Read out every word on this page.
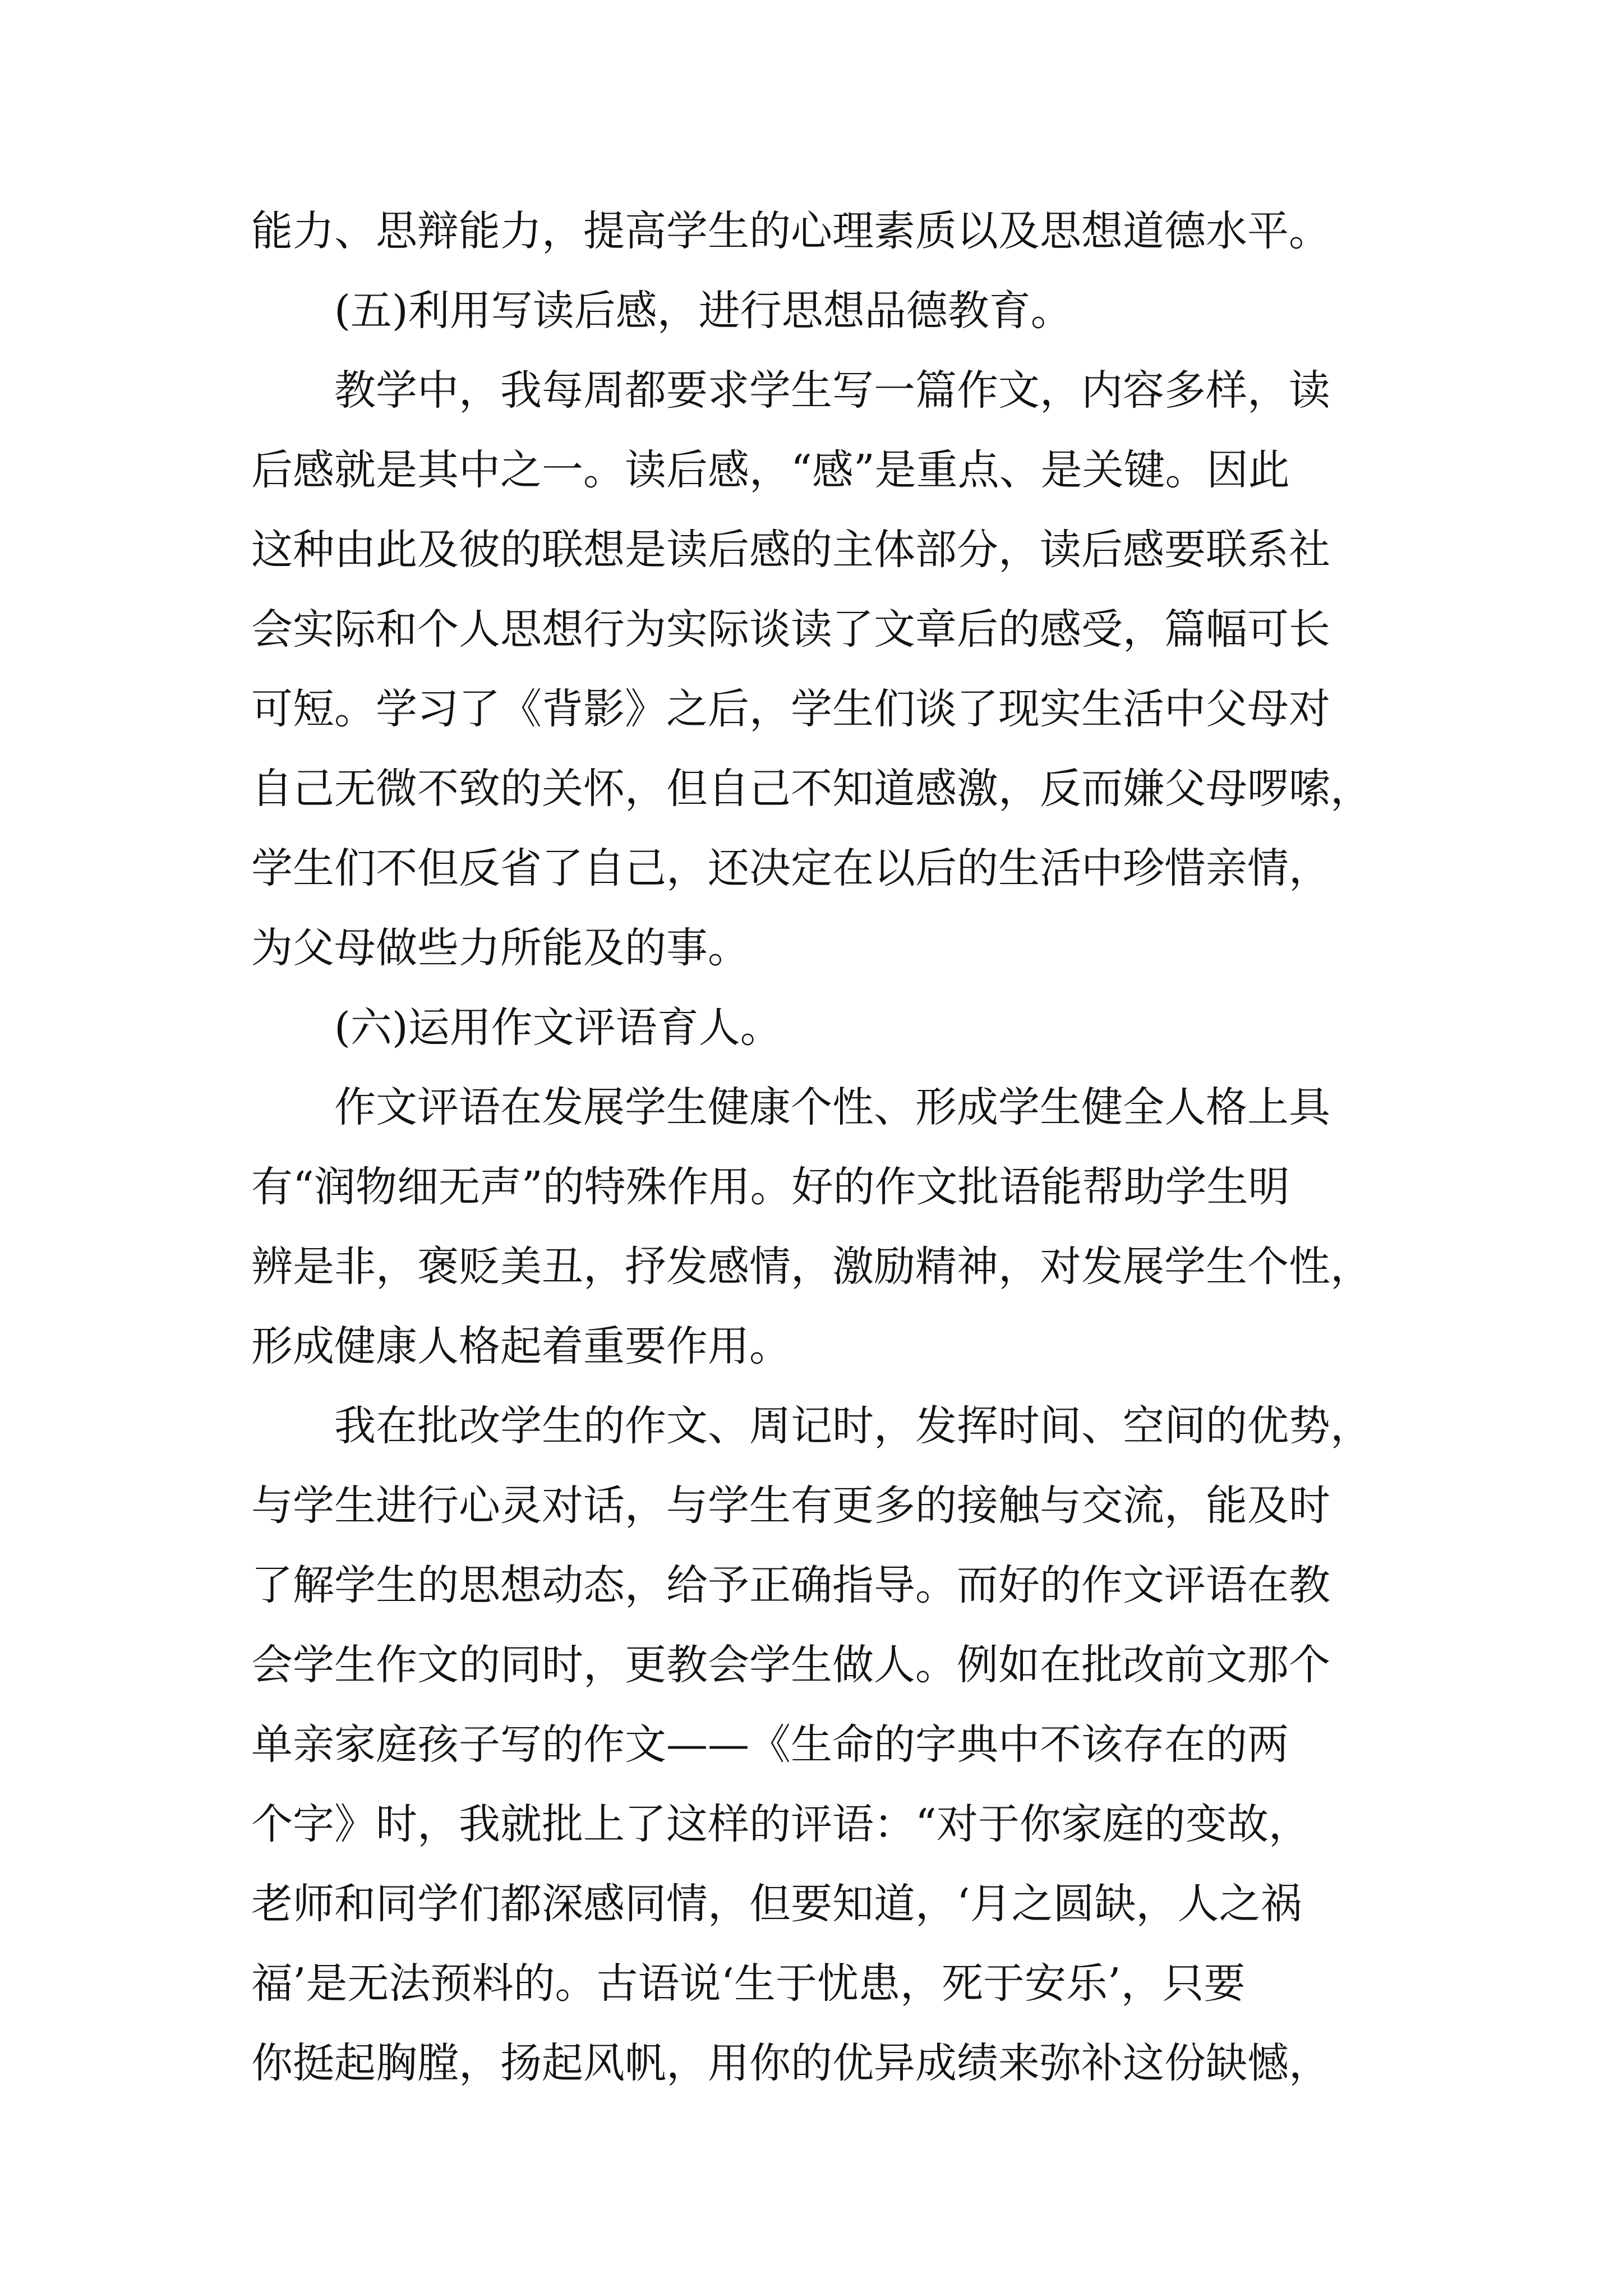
能力、思辩能力，提高学生的心理素质以及思想道德水平。
(五)利用写读后感，进行思想品德教育。
教学中，我每周都要求学生写一篇作文，内容多样，读
后感就是其中之一。读后感，“感”是重点、是关键。因此
这种由此及彼的联想是读后感的主体部分，读后感要联系社
会实际和个人思想行为实际谈读了文章后的感受，篇幅可长
可短。学习了《背影》之后，学生们谈了现实生活中父母对
自己无微不致的关怀，但自己不知道感激，反而嫌父母啰嗦，
学生们不但反省了自己，还决定在以后的生活中珍惜亲情，
为父母做些力所能及的事。
(六)运用作文评语育人。
作文评语在发展学生健康个性、形成学生健全人格上具
有“润物细无声”的特殊作用。好的作文批语能帮助学生明
辨是非，褒贬美丑，抒发感情，激励精神，对发展学生个性，
形成健康人格起着重要作用。
我在批改学生的作文、周记时，发挥时间、空间的优势，
与学生进行心灵对话，与学生有更多的接触与交流，能及时
了解学生的思想动态，给予正确指导。而好的作文评语在教
会学生作文的同时，更教会学生做人。例如在批改前文那个
单亲家庭孩子写的作文——《生命的字典中不该存在的两
个字》时，我就批上了这样的评语：“对于你家庭的变故，
老师和同学们都深感同情，但要知道，‘月之圆缺，人之祸
福’是无法预料的。古语说‘生于忧患，死于安乐’，只要
你挺起胸膛，扬起风帆，用你的优异成绩来弥补这份缺憾，
